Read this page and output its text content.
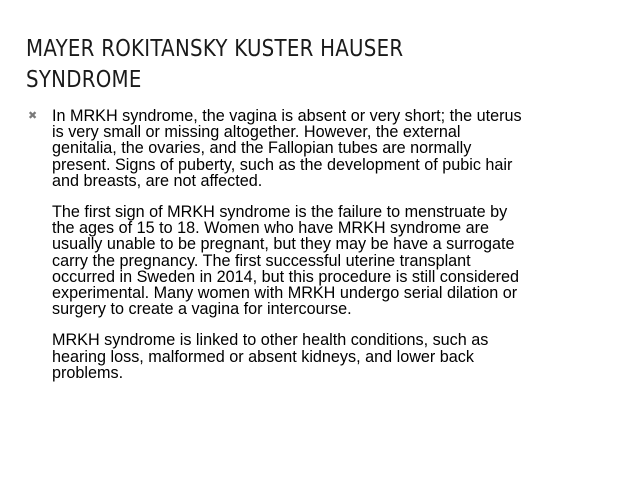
MAYER ROKITANSKY KUSTER HAUSER
SYNDROME
✖ In MRKH syndrome, the vagina is absent or very short; the uterus
is very small or missing altogether. However, the external
genitalia, the ovaries, and the Fallopian tubes are normally
present. Signs of puberty, such as the development of pubic hair
and breasts, are not affected.

The first sign of MRKH syndrome is the failure to menstruate by
the ages of 15 to 18. Women who have MRKH syndrome are
usually unable to be pregnant, but they may be have a surrogate
carry the pregnancy. The first successful uterine transplant
occurred in Sweden in 2014, but this procedure is still considered
experimental. Many women with MRKH undergo serial dilation or
surgery to create a vagina for intercourse.

MRKH syndrome is linked to other health conditions, such as
hearing loss, malformed or absent kidneys, and lower back
problems.
